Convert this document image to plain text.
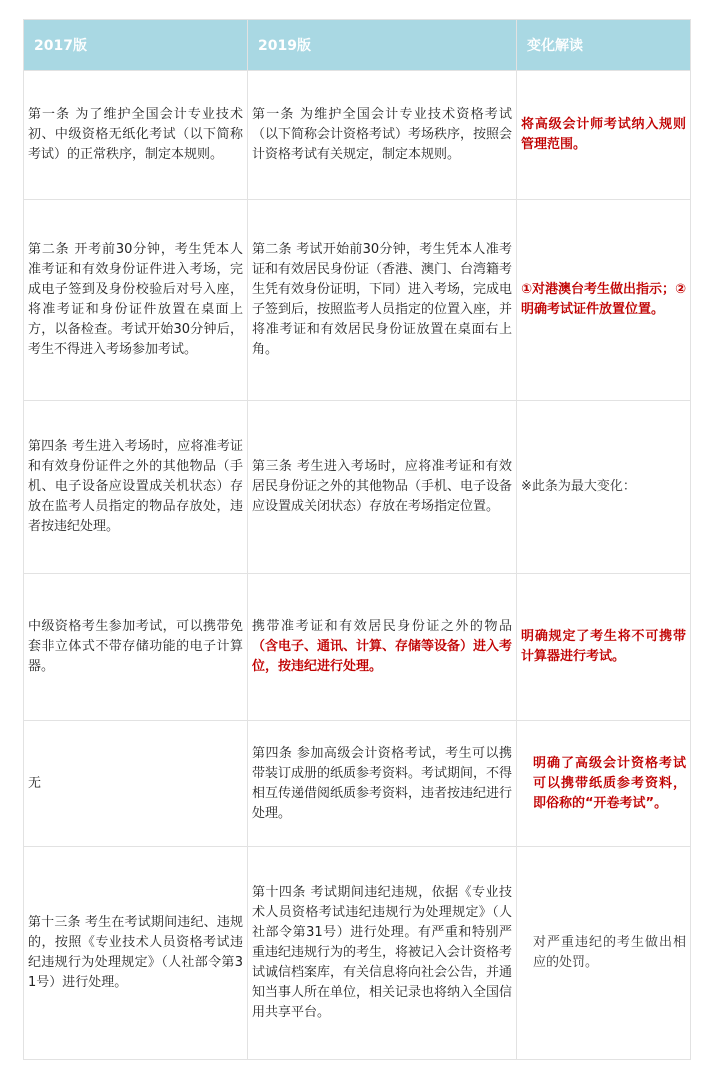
2017版	2019版	变化解读
第一条 为了维护全国会计专业技术初、中级资格无纸化考试（以下简称考试）的正常秩序，制定本规则。	第一条 为维护全国会计专业技术资格考试（以下简称会计资格考试）考场秩序，按照会计资格考试有关规定，制定本规则。	将高级会计师考试纳入规则管理范围。
第二条 开考前30分钟，考生凭本人准考证和有效身份证件进入考场，完成电子签到及身份校验后对号入座，将准考证和身份证件放置在桌面上方，以备检查。考试开始30分钟后，考生不得进入考场参加考试。	第二条 考试开始前30分钟，考生凭本人准考证和有效居民身份证（香港、澳门、台湾籍考生凭有效身份证明，下同）进入考场，完成电子签到后，按照监考人员指定的位置入座，并将准考证和有效居民身份证放置在桌面右上角。	①对港澳台考生做出指示；②明确考试证件放置位置。
第四条 考生进入考场时，应将准考证和有效身份证件之外的其他物品（手机、电子设备应设置成关机状态）存放在监考人员指定的物品存放处，违者按违纪处理。	第三条 考生进入考场时，应将准考证和有效居民身份证之外的其他物品（手机、电子设备应设置成关闭状态）存放在考场指定位置。	※此条为最大变化：
中级资格考生参加考试，可以携带免套非立体式不带存储功能的电子计算器。	携带准考证和有效居民身份证之外的物品（含电子、通讯、计算、存储等设备）进入考位，按违纪进行处理。	明确规定了考生将不可携带计算器进行考试。
无	第四条 参加高级会计资格考试，考生可以携带装订成册的纸质参考资料。考试期间，不得相互传递借阅纸质参考资料，违者按违纪进行处理。	明确了高级会计资格考试可以携带纸质参考资料，即俗称的“开卷考试”。
第十三条 考生在考试期间违纪、违规的，按照《专业技术人员资格考试违纪违规行为处理规定》（人社部令第31号）进行处理。	第十四条 考试期间违纪违规，依据《专业技术人员资格考试违纪违规行为处理规定》（人社部令第31号）进行处理。有严重和特别严重违纪违规行为的考生，将被记入会计资格考试诚信档案库，有关信息将向社会公告，并通知当事人所在单位，相关记录也将纳入全国信用共享平台。	对严重违纪的考生做出相应的处罚。
